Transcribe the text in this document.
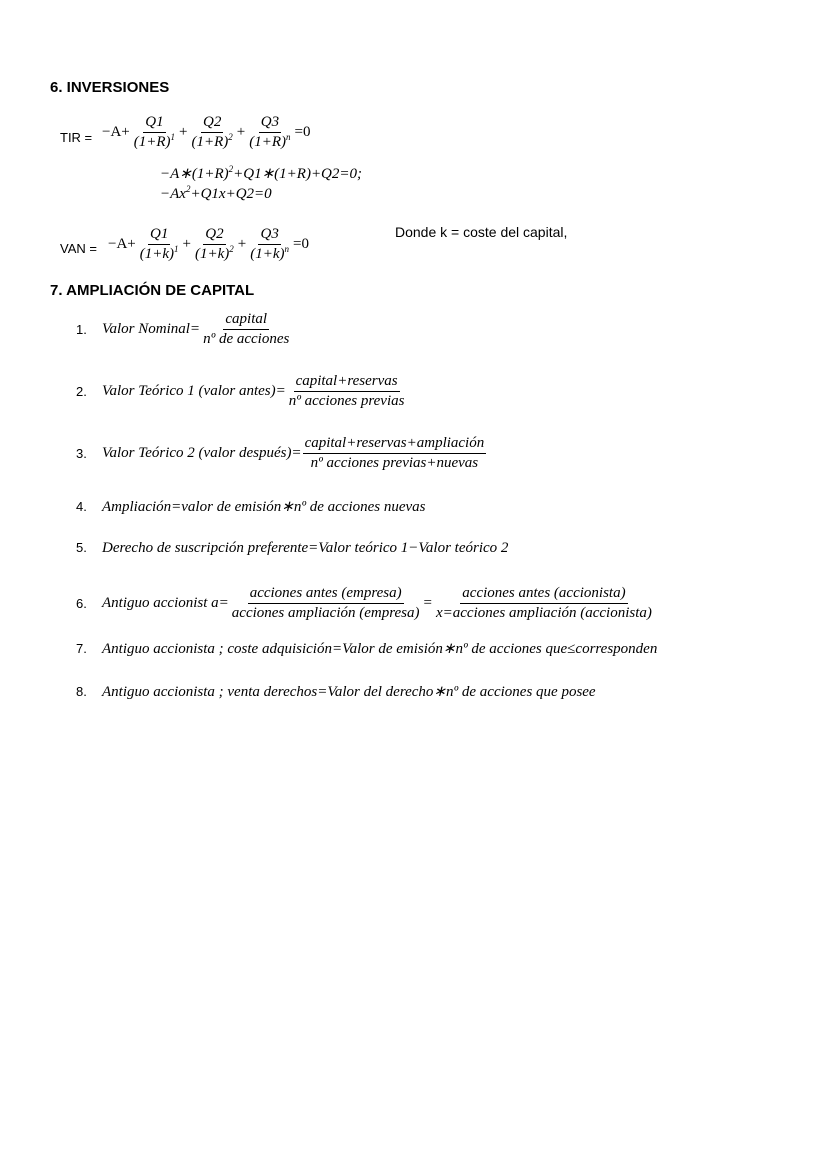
6. INVERSIONES
TIR = $-A+ \frac{Q1}{(1+R)^1} + \frac{Q2}{(1+R)^2} + \frac{Q3}{(1+R)^n} =0$
$-A∗(1+R)^2+Q1∗(1+R)+Q2=0$;
$-Ax^2+Q1x+Q2=0$
VAN = $-A+ \frac{Q1}{(1+k)^1} + \frac{Q2}{(1+k)^2} + \frac{Q3}{(1+k)^n} =0$
Donde k = coste del capital,
7. AMPLIACIÓN DE CAPITAL
1.	Valor Nominal= $\frac{\text{capital}}{\text{nº de acciones}}$
2.	Valor Teórico 1 (valor antes)= $\frac{\text{capital+reservas}}{\text{nº acciones previas}}$
3.	Valor Teórico 2 (valor después)= $\frac{\text{capital+reservas+ampliación}}{\text{nº acciones previas+nuevas}}$
4. Ampliación=valor de emisión∗nº de acciones nuevas
5. Derecho de suscripción preferente=Valor teórico 1−Valor teórico 2
6.	Antiguo accionist $a= \frac{\text{acciones antes (empresa)}}{\text{acciones ampliación (empresa)}} = \frac{\text{acciones antes (accionista)}}{\text{x=acciones ampliación (accionista)}}$
7. Antiguo accionista ; coste adquisición=Valor de emisión∗nº de acciones que≤corresponden
8. Antiguo accionista ; venta derechos=Valor del derecho∗nº de acciones que posee
